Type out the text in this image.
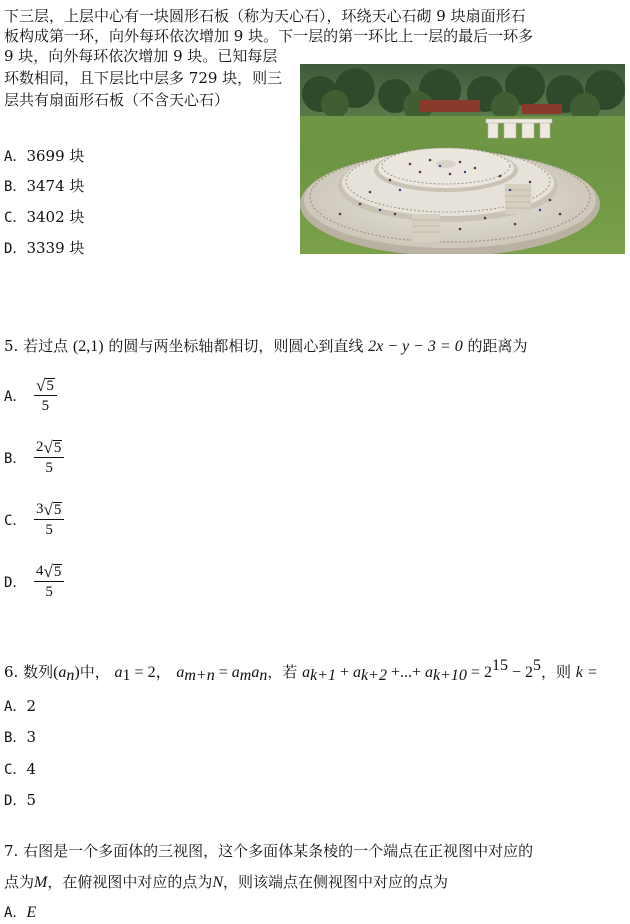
下三层，上层中心有一块圆形石板（称为天心石），环绕天心石砌 9 块扇面形石
板构成第一环，向外每环依次增加 9 块。下一层的第一环比上一层的最后一环多
9 块，向外每环依次增加 9 块。已知每层
环数相同，且下层比中层多 729 块，则三
层共有扇面形石板（不含天心石）
A．3699 块
B．3474 块
C．3402 块
D．3339 块
5. 若过点 (2,1) 的圆与两坐标轴都相切，则圆心到直线 2x − y − 3 = 0 的距离为
A． $\frac{√ 5}{5}$
B． $\frac{2 √ 5}{5}$
C． $\frac{3 √ 5}{5}$
D． $\frac{4 √ 5}{5}$
6. 数列$(a_n)$中， $a_1 = 2$， $a_{m+n} = a_ma_n$，若 $a_{k+1} + a_{k+2}$ +...+ $a_{k+10} = 2^{15} - 2^5$，则 k =
A．2
B．3
C．4
D．5
7. 右图是一个多面体的三视图，这个多面体某条棱的一个端点在正视图中对应的
点为M，在俯视图中对应的点为N，则该端点在侧视图中对应的点为
A．E
